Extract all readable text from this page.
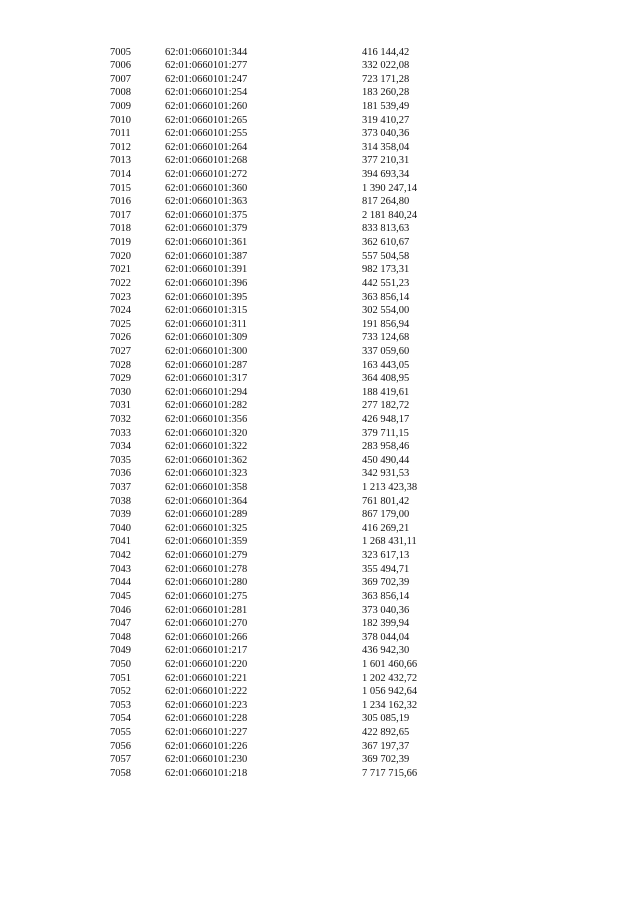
7005	62:01:0660101:344	416 144,42
7006	62:01:0660101:277	332 022,08
7007	62:01:0660101:247	723 171,28
7008	62:01:0660101:254	183 260,28
7009	62:01:0660101:260	181 539,49
7010	62:01:0660101:265	319 410,27
7011	62:01:0660101:255	373 040,36
7012	62:01:0660101:264	314 358,04
7013	62:01:0660101:268	377 210,31
7014	62:01:0660101:272	394 693,34
7015	62:01:0660101:360	1 390 247,14
7016	62:01:0660101:363	817 264,80
7017	62:01:0660101:375	2 181 840,24
7018	62:01:0660101:379	833 813,63
7019	62:01:0660101:361	362 610,67
7020	62:01:0660101:387	557 504,58
7021	62:01:0660101:391	982 173,31
7022	62:01:0660101:396	442 551,23
7023	62:01:0660101:395	363 856,14
7024	62:01:0660101:315	302 554,00
7025	62:01:0660101:311	191 856,94
7026	62:01:0660101:309	733 124,68
7027	62:01:0660101:300	337 059,60
7028	62:01:0660101:287	163 443,05
7029	62:01:0660101:317	364 408,95
7030	62:01:0660101:294	188 419,61
7031	62:01:0660101:282	277 182,72
7032	62:01:0660101:356	426 948,17
7033	62:01:0660101:320	379 711,15
7034	62:01:0660101:322	283 958,46
7035	62:01:0660101:362	450 490,44
7036	62:01:0660101:323	342 931,53
7037	62:01:0660101:358	1 213 423,38
7038	62:01:0660101:364	761 801,42
7039	62:01:0660101:289	867 179,00
7040	62:01:0660101:325	416 269,21
7041	62:01:0660101:359	1 268 431,11
7042	62:01:0660101:279	323 617,13
7043	62:01:0660101:278	355 494,71
7044	62:01:0660101:280	369 702,39
7045	62:01:0660101:275	363 856,14
7046	62:01:0660101:281	373 040,36
7047	62:01:0660101:270	182 399,94
7048	62:01:0660101:266	378 044,04
7049	62:01:0660101:217	436 942,30
7050	62:01:0660101:220	1 601 460,66
7051	62:01:0660101:221	1 202 432,72
7052	62:01:0660101:222	1 056 942,64
7053	62:01:0660101:223	1 234 162,32
7054	62:01:0660101:228	305 085,19
7055	62:01:0660101:227	422 892,65
7056	62:01:0660101:226	367 197,37
7057	62:01:0660101:230	369 702,39
7058	62:01:0660101:218	7 717 715,66
